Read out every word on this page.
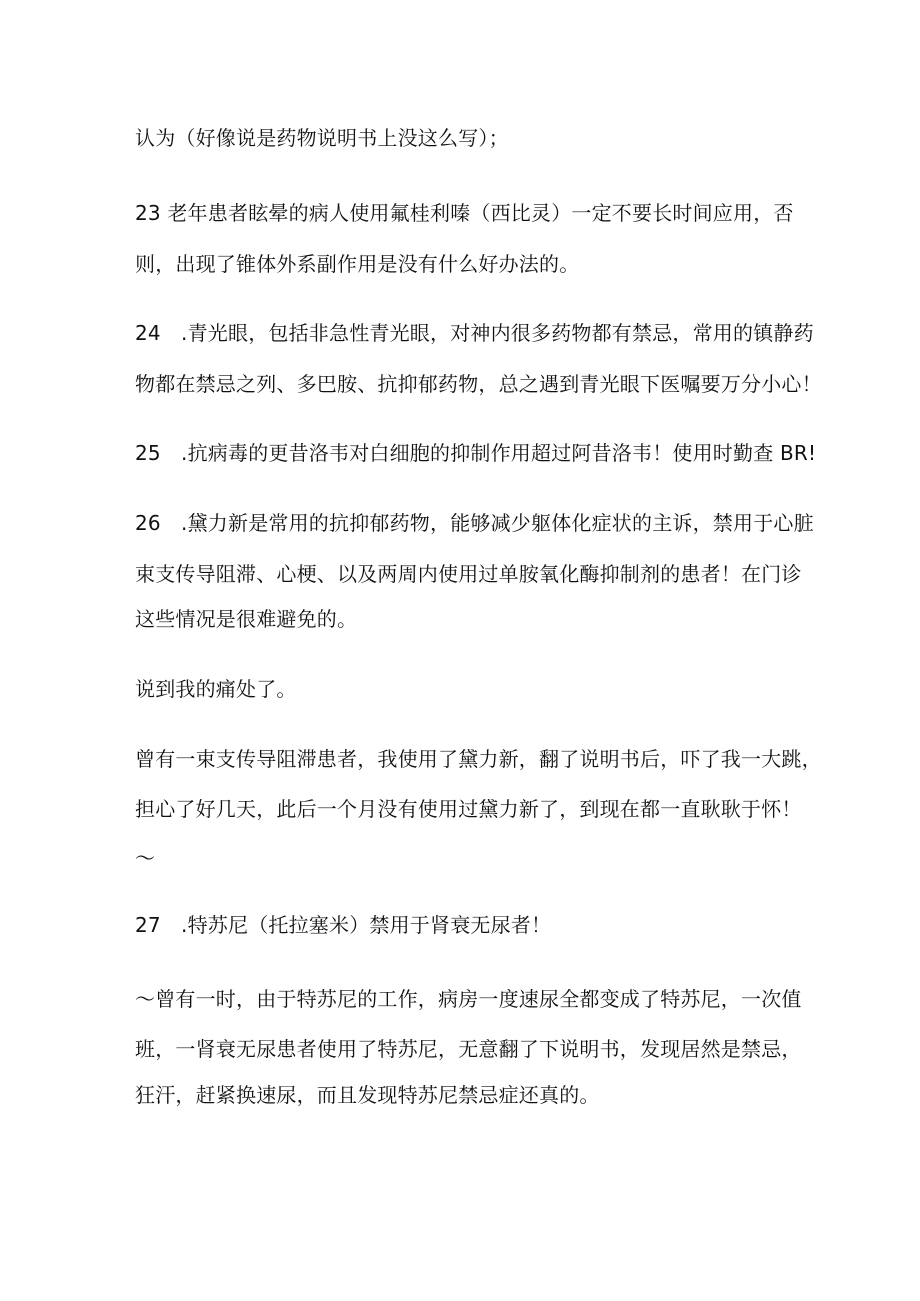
认为（好像说是药物说明书上没这么写）；
23 老年患者眩晕的病人使用氟桂利嗪（西比灵）一定不要长时间应用，否
则，出现了锥体外系副作用是没有什么好办法的。
24　.青光眼，包括非急性青光眼，对神内很多药物都有禁忌，常用的镇静药
物都在禁忌之列、多巴胺、抗抑郁药物，总之遇到青光眼下医嘱要万分小心！
25　.抗病毒的更昔洛韦对白细胞的抑制作用超过阿昔洛韦！使用时勤查 BR!
26　.黛力新是常用的抗抑郁药物，能够减少躯体化症状的主诉，禁用于心脏
束支传导阻滞、心梗、以及两周内使用过单胺氧化酶抑制剂的患者！在门诊
这些情况是很难避免的。
说到我的痛处了。
曾有一束支传导阻滞患者，我使用了黛力新，翻了说明书后，吓了我一大跳，
担心了好几天，此后一个月没有使用过黛力新了，到现在都一直耿耿于怀！
～
27　.特苏尼（托拉塞米）禁用于肾衰无尿者！
～曾有一时，由于特苏尼的工作，病房一度速尿全都变成了特苏尼，一次值
班，一肾衰无尿患者使用了特苏尼，无意翻了下说明书，发现居然是禁忌，
狂汗，赶紧换速尿，而且发现特苏尼禁忌症还真的。
